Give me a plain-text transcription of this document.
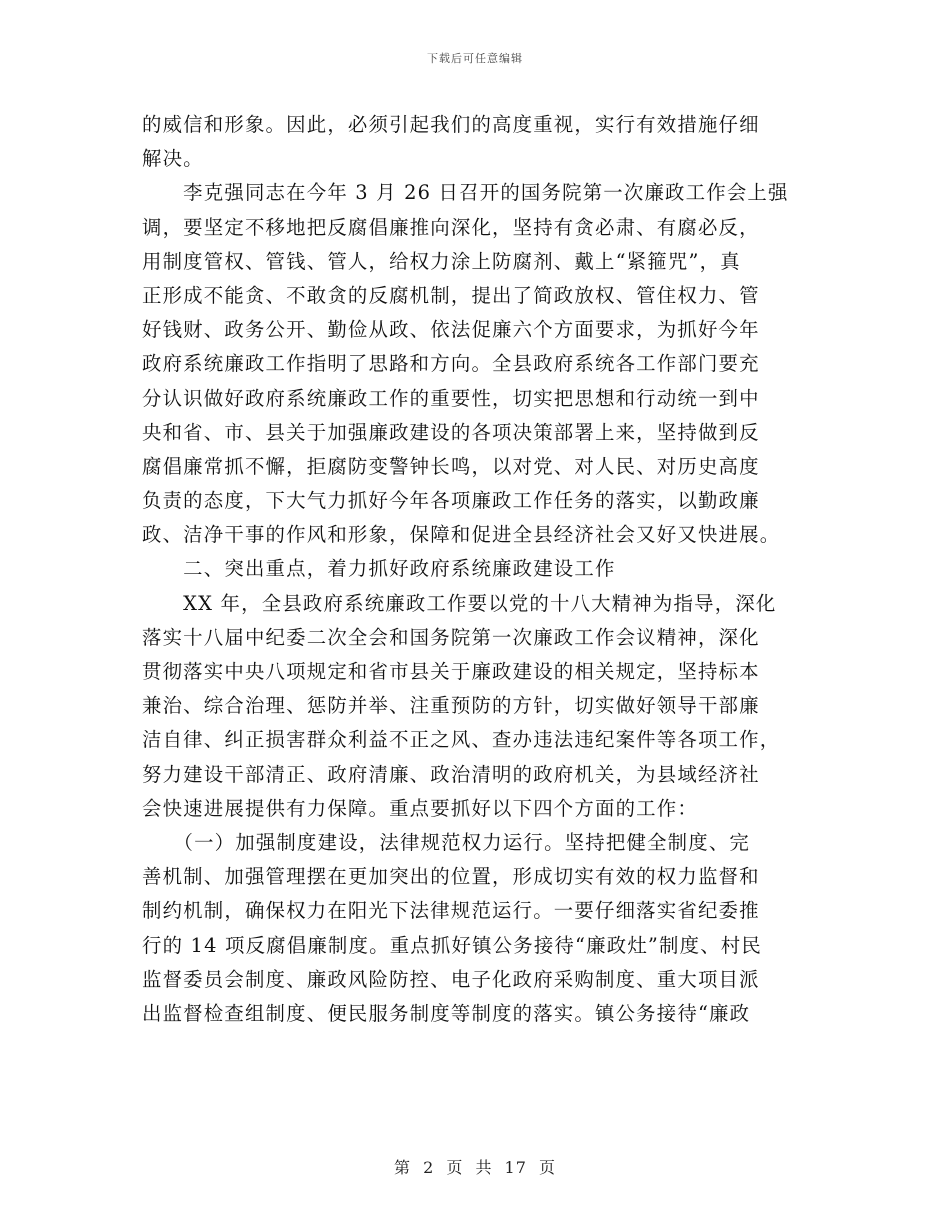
下载后可任意编辑
的威信和形象。因此，必须引起我们的高度重视，实行有效措施仔细
解决。
　　李克强同志在今年 3 月 26 日召开的国务院第一次廉政工作会上强
调，要坚定不移地把反腐倡廉推向深化，坚持有贪必肃、有腐必反，
用制度管权、管钱、管人，给权力涂上防腐剂、戴上“紧箍咒”，真
正形成不能贪、不敢贪的反腐机制，提出了简政放权、管住权力、管
好钱财、政务公开、勤俭从政、依法促廉六个方面要求，为抓好今年
政府系统廉政工作指明了思路和方向。全县政府系统各工作部门要充
分认识做好政府系统廉政工作的重要性，切实把思想和行动统一到中
央和省、市、县关于加强廉政建设的各项决策部署上来，坚持做到反
腐倡廉常抓不懈，拒腐防变警钟长鸣，以对党、对人民、对历史高度
负责的态度，下大气力抓好今年各项廉政工作任务的落实，以勤政廉
政、洁净干事的作风和形象，保障和促进全县经济社会又好又快进展。
　　二、突出重点，着力抓好政府系统廉政建设工作
　　XX 年，全县政府系统廉政工作要以党的十八大精神为指导，深化
落实十八届中纪委二次全会和国务院第一次廉政工作会议精神，深化
贯彻落实中央八项规定和省市县关于廉政建设的相关规定，坚持标本
兼治、综合治理、惩防并举、注重预防的方针，切实做好领导干部廉
洁自律、纠正损害群众利益不正之风、查办违法违纪案件等各项工作，
努力建设干部清正、政府清廉、政治清明的政府机关，为县域经济社
会快速进展提供有力保障。重点要抓好以下四个方面的工作：
　　（一）加强制度建设，法律规范权力运行。坚持把健全制度、完
善机制、加强管理摆在更加突出的位置，形成切实有效的权力监督和
制约机制，确保权力在阳光下法律规范运行。一要仔细落实省纪委推
行的 14 项反腐倡廉制度。重点抓好镇公务接待“廉政灶”制度、村民
监督委员会制度、廉政风险防控、电子化政府采购制度、重大项目派
出监督检查组制度、便民服务制度等制度的落实。镇公务接待“廉政
第 2 页 共 17 页
